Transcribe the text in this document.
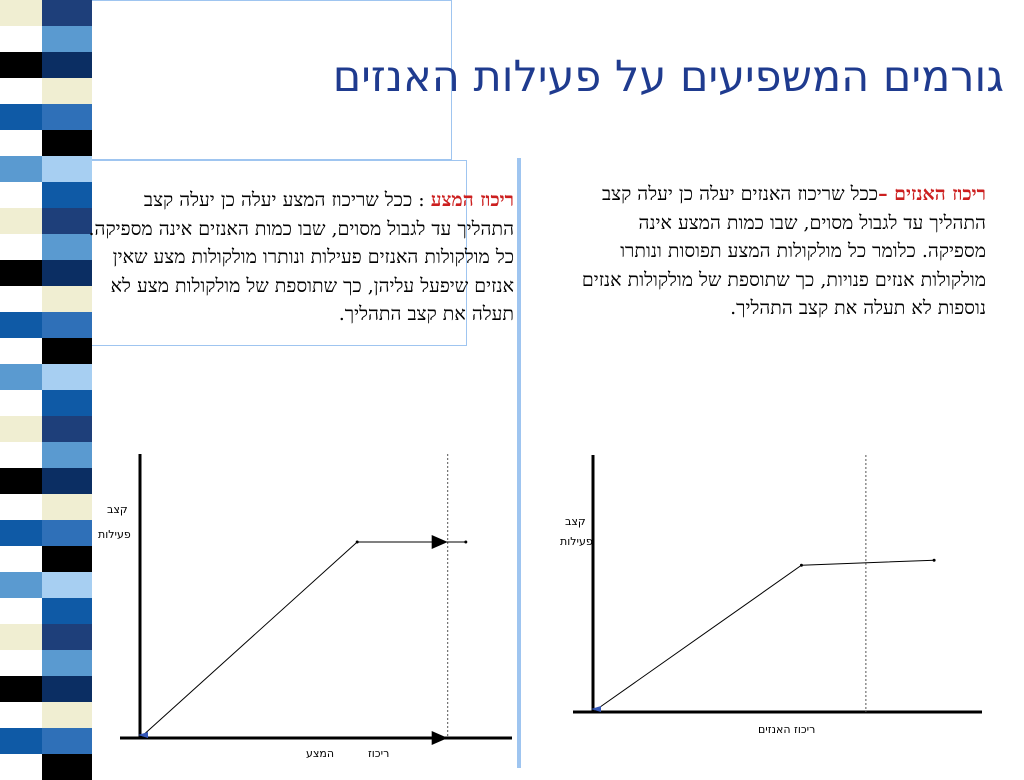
גורמים המשפיעים על פעילות האנזים
ריכוז המצע : ככל שריכוז המצע יעלה כן יעלה קצב התהליך עד לגבול מסוים, שבו כמות האנזים אינה מספיקה. כל מולקולות האנזים פעילות ונותרו מולקולות מצע שאין אנזים שיפעל עליהן, כך שתוספת של מולקולות מצע לא תעלה את קצב התהליך.
ריכוז האנזים –ככל שריכוז האנזים יעלה כן יעלה קצב התהליך עד לגבול מסוים, שבו כמות המצע אינה מספיקה. כלומר כל מולקולות המצע תפוסות ונותרו מולקולות אנזים פנויות, כך שתוספת של מולקולות אנזים נוספות לא תעלה את קצב התהליך.
קצב
פעילות
ריכוז
המצע
קצב
פעילות
ריכוז האנזים
